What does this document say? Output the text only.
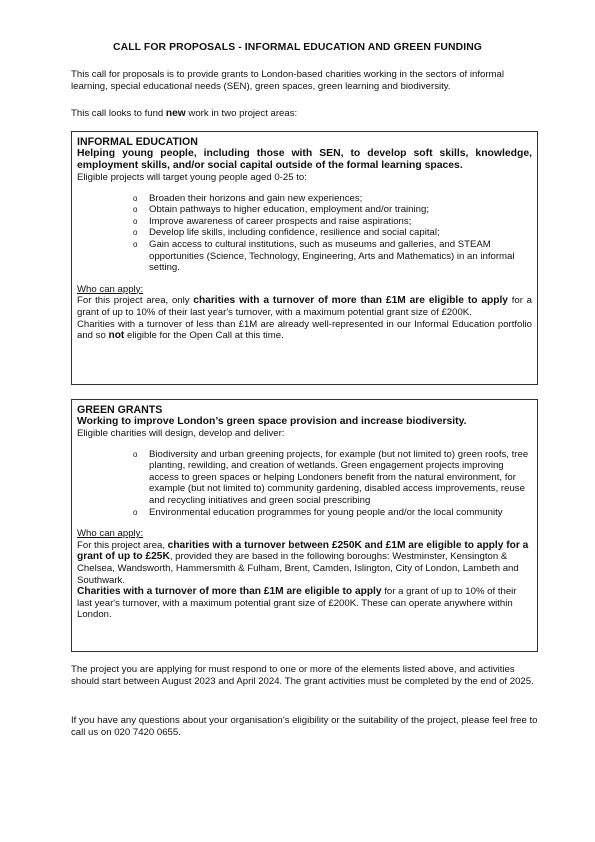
CALL FOR PROPOSALS - INFORMAL EDUCATION AND GREEN FUNDING

This call for proposals is to provide grants to London-based charities working in the sectors of informal learning, special educational needs (SEN), green spaces, green learning and biodiversity.

This call looks to fund new work in two project areas:

INFORMAL EDUCATION
Helping young people, including those with SEN, to develop soft skills, knowledge, employment skills, and/or social capital outside of the formal learning spaces.
Eligible projects will target young people aged 0-25 to:
o Broaden their horizons and gain new experiences;
o Obtain pathways to higher education, employment and/or training;
o Improve awareness of career prospects and raise aspirations;
o Develop life skills, including confidence, resilience and social capital;
o Gain access to cultural institutions, such as museums and galleries, and STEAM opportunities (Science, Technology, Engineering, Arts and Mathematics) in an informal setting.
Who can apply:
For this project area, only charities with a turnover of more than £1M are eligible to apply for a grant of up to 10% of their last year's turnover, with a maximum potential grant size of £200K.
Charities with a turnover of less than £1M are already well-represented in our Informal Education portfolio and so not eligible for the Open Call at this time.
GREEN GRANTS
Working to improve London’s green space provision and increase biodiversity.
Eligible charities will design, develop and deliver:
o Biodiversity and urban greening projects, for example (but not limited to) green roofs, tree planting, rewilding, and creation of wetlands. Green engagement projects improving access to green spaces or helping Londoners benefit from the natural environment, for example (but not limited to) community gardening, disabled access improvements, reuse and recycling initiatives and green social prescribing
o Environmental education programmes for young people and/or the local community
Who can apply:
For this project area, charities with a turnover between £250K and £1M are eligible to apply for a grant of up to £25K, provided they are based in the following boroughs: Westminster, Kensington & Chelsea, Wandsworth, Hammersmith & Fulham, Brent, Camden, Islington, City of London, Lambeth and Southwark.
Charities with a turnover of more than £1M are eligible to apply for a grant of up to 10% of their last year's turnover, with a maximum potential grant size of £200K. These can operate anywhere within London.

The project you are applying for must respond to one or more of the elements listed above, and activities should start between August 2023 and April 2024. The grant activities must be completed by the end of 2025.

If you have any questions about your organisation’s eligibility or the suitability of the project, please feel free to call us on 020 7420 0655.
